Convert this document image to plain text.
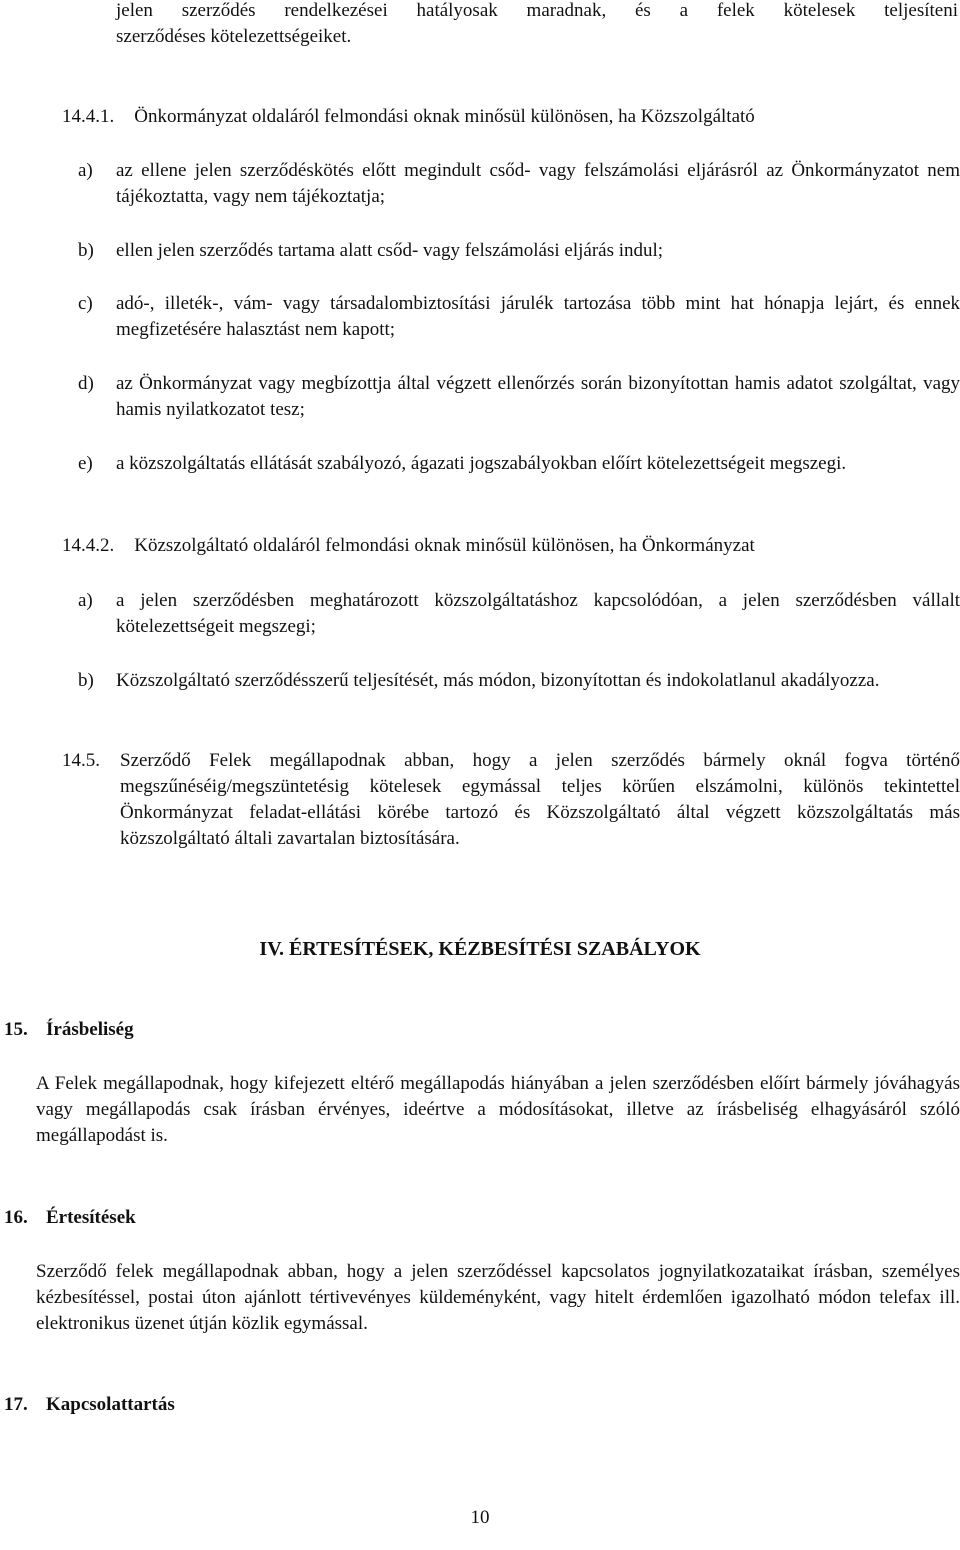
jelen szerződés rendelkezései hatályosak maradnak, és a felek kötelesek teljesíteni
szerződéses kötelezettségeiket.
14.4.1. Önkormányzat oldaláról felmondási oknak minősül különösen, ha Közszolgáltató
a) az ellene jelen szerződéskötés előtt megindult csőd- vagy felszámolási eljárásról az Önkormányzatot nem tájékoztatta, vagy nem tájékoztatja;

b) ellen jelen szerződés tartama alatt csőd- vagy felszámolási eljárás indul;

c) adó-, illeték-, vám- vagy társadalombiztosítási járulék tartozása több mint hat hónapja lejárt, és ennek megfizetésére halasztást nem kapott;

d) az Önkormányzat vagy megbízottja által végzett ellenőrzés során bizonyítottan hamis adatot szolgáltat, vagy hamis nyilatkozatot tesz;

e) a közszolgáltatás ellátását szabályozó, ágazati jogszabályokban előírt kötelezettségeit megszegi.

14.4.2. Közszolgáltató oldaláról felmondási oknak minősül különösen, ha Önkormányzat
a) a jelen szerződésben meghatározott közszolgáltatáshoz kapcsolódóan, a jelen szerződésben vállalt kötelezettségeit megszegi;

b) Közszolgáltató szerződésszerű teljesítését, más módon, bizonyítottan és indokolatlanul akadályozza.

14.5. Szerződő Felek megállapodnak abban, hogy a jelen szerződés bármely oknál fogva történő megszűnéséig/megszüntetésig kötelesek egymással teljes körűen elszámolni, különös tekintettel Önkormányzat feladat-ellátási körébe tartozó és Közszolgáltató által végzett közszolgáltatás más közszolgáltató általi zavartalan biztosítására.

IV. ÉRTESÍTÉSEK, KÉZBESÍTÉSI SZABÁLYOK
15. Írásbeliség

A Felek megállapodnak, hogy kifejezett eltérő megállapodás hiányában a jelen szerződésben előírt bármely jóváhagyás vagy megállapodás csak írásban érvényes, ideértve a módosításokat, illetve az írásbeliség elhagyásáról szóló megállapodást is.

16. Értesítések

Szerződő felek megállapodnak abban, hogy a jelen szerződéssel kapcsolatos jognyilatkozataikat írásban, személyes kézbesítéssel, postai úton ajánlott tértivevényes küldeményként, vagy hitelt érdemlően igazolható módon telefax ill. elektronikus üzenet útján közlik egymással.

17. Kapcsolattartás
10
